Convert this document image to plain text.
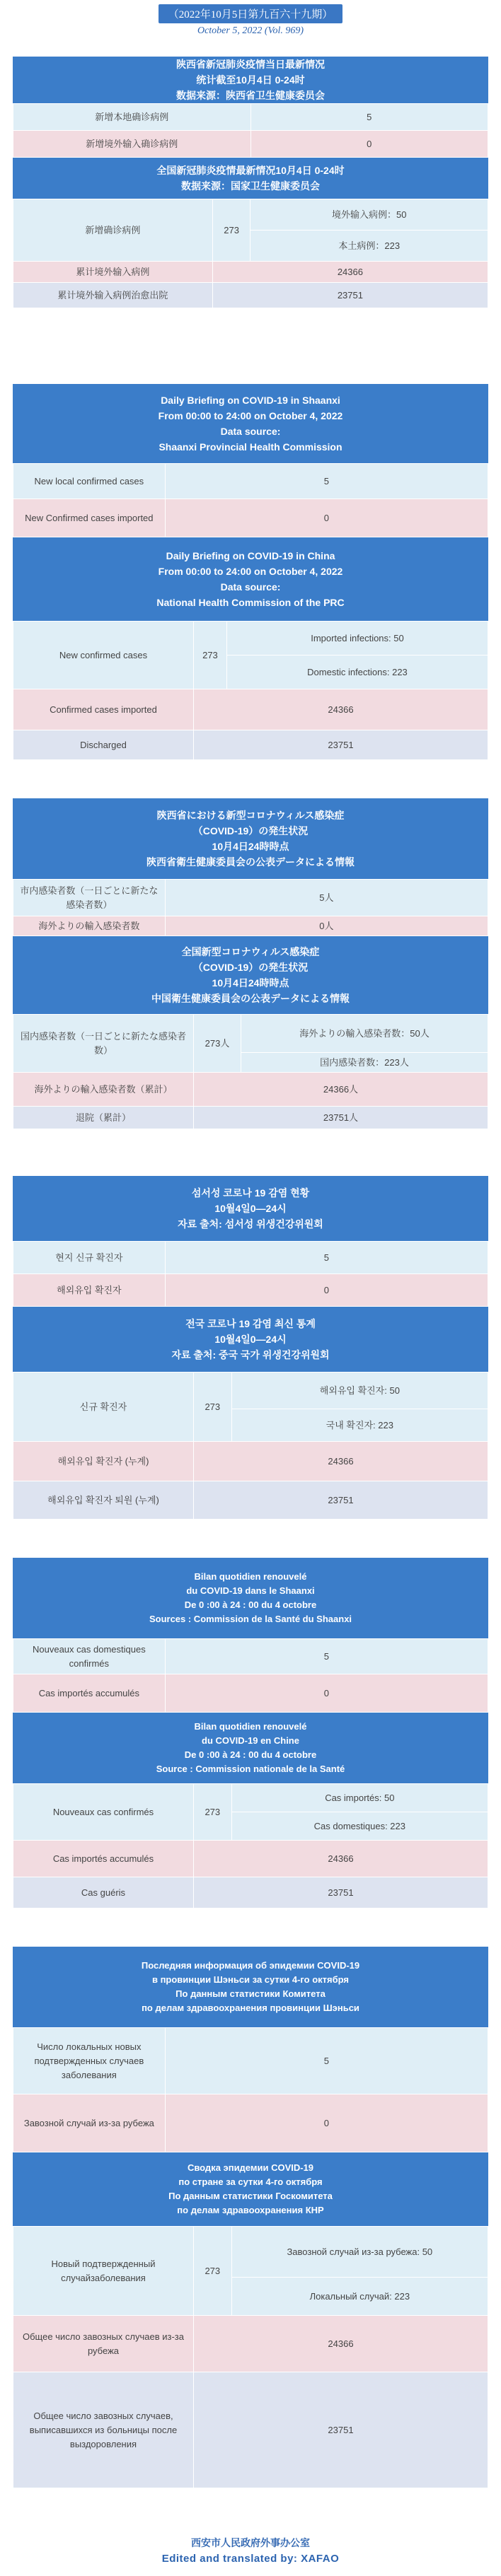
（2022年10月5日第九百六十九期）
October 5, 2022 (Vol. 969)
陕西省新冠肺炎疫情当日最新情况
统计截至10月4日 0-24时
数据来源：陕西省卫生健康委员会
新增本地确诊病例	5
新增境外输入确诊病例	0
全国新冠肺炎疫情最新情况10月4日 0-24时
数据来源：国家卫生健康委员会
新增确诊病例	273	境外输入病例：50
		本土病例：223
累计境外输入病例	24366	
累计境外输入病例治愈出院	23751	
Daily Briefing on COVID-19 in Shaanxi
From 00:00 to 24:00 on October 4, 2022
Data source:
Shaanxi Provincial Health Commission
New local confirmed cases	5
New Confirmed cases imported	0
Daily Briefing on COVID-19 in China
From 00:00 to 24:00 on October 4, 2022
Data source:
National Health Commission of the PRC
New confirmed cases	273	Imported infections: 50
		Domestic infections: 223
Confirmed cases imported	24366	
Discharged	23751	
陝西省における新型コロナウィルス感染症
（COVID-19）の発生状況
10月4日24時時点
陝西省衛生健康委員会の公表データによる情報
市内感染者数（一日ごとに新たな感染者数）	5人
海外よりの輸入感染者数	0人
全国新型コロナウィルス感染症
（COVID-19）の発生状況
10月4日24時時点
中国衛生健康委員会の公表データによる情報
国内感染者数（一日ごとに新たな感染者数）	273人	海外よりの輸入感染者数：50人
		国内感染者数：223人
海外よりの輸入感染者数（累計）	24366人	
退院（累計）	23751人	
섬서성 코로나 19 감염 현황
10월4일0—24시
자료 출처: 섬서성 위생건강위원회
현지 신규 확진자	5
해외유입 확진자	0
전국 코로나 19 감염 최신 통계
10월4일0—24시
자료 출처: 중국 국가 위생건강위원회
신규 확진자	273	해외유입 확진자: 50
		국내 확진자: 223
해외유입 확진자 (누계)	24366	
해외유입 확진자 퇴원 (누계)	23751	
Bilan quotidien renouvelé
du COVID-19 dans le Shaanxi
De 0 :00 à 24 : 00 du 4 octobre
Sources : Commission de la Santé du Shaanxi
Nouveaux cas domestiques confirmés	5
Cas importés accumulés	0
Bilan quotidien renouvelé
du COVID-19 en Chine
De 0 :00 à 24 : 00 du 4 octobre
Source : Commission nationale de la Santé
Nouveaux cas confirmés	273	Cas importés: 50
		Cas domestiques: 223
Cas importés accumulés	24366	
Cas guéris	23751	
Последняя информация об эпидемии COVID-19
в провинции Шэньси за сутки 4-го октября
По данным статистики Комитета
по делам здравоохранения провинции Шэньси
Число локальных новых подтвержденных случаев заболевания	5
Завозной случай из-за рубежа	0
Сводка эпидемии COVID-19
по стране за сутки 4-го октября
По данным статистики Госкомитета
по делам здравоохранения КНР
Новый подтвержденный случайзаболевания	273	Завозной случай из-за рубежа: 50
		Локальный случай: 223
Общее число завозных случаев из-за рубежа	24366	
Общее число завозных случаев, выписавшихся из больницы после выздоровления	23751	
西安市人民政府外事办公室
Edited and translated by: XAFAO
